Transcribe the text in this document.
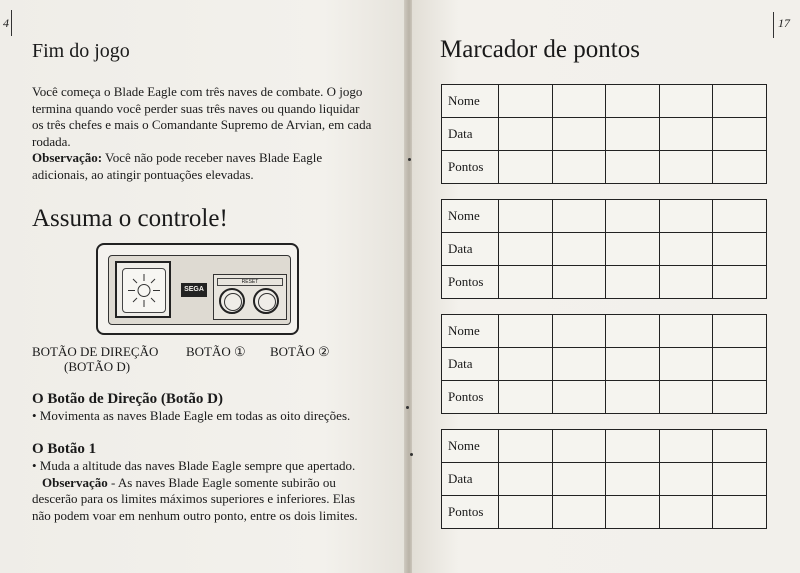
4
Fim do jogo

Você começa o Blade Eagle com três naves de combate. O jogo termina quando você perder suas três naves ou quando liquidar os três chefes e mais o Comandante Supremo de Arvian, em cada rodada.
Observação: Você não pode receber naves Blade Eagle adicionais, ao atingir pontuações elevadas.

Assuma o controle!
SEGA
RESET
BOTÃO DE DIREÇÃO
(BOTÃO D)
BOTÃO ① BOTÃO ②
O Botão de Direção (Botão D)

• Movimenta as naves Blade Eagle em todas as oito direções.

O Botão 1

• Muda a altitude das naves Blade Eagle sempre que apertado.
Observação - As naves Blade Eagle somente subirão ou descerão para os limites máximos superiores e inferiores. Elas não podem voar em nenhum outro ponto, entre os dois limites.

17
Marcador de pontos
Nome					
Data					
Pontos					
Nome					
Data					
Pontos					
Nome					
Data					
Pontos					
Nome					
Data					
Pontos					
